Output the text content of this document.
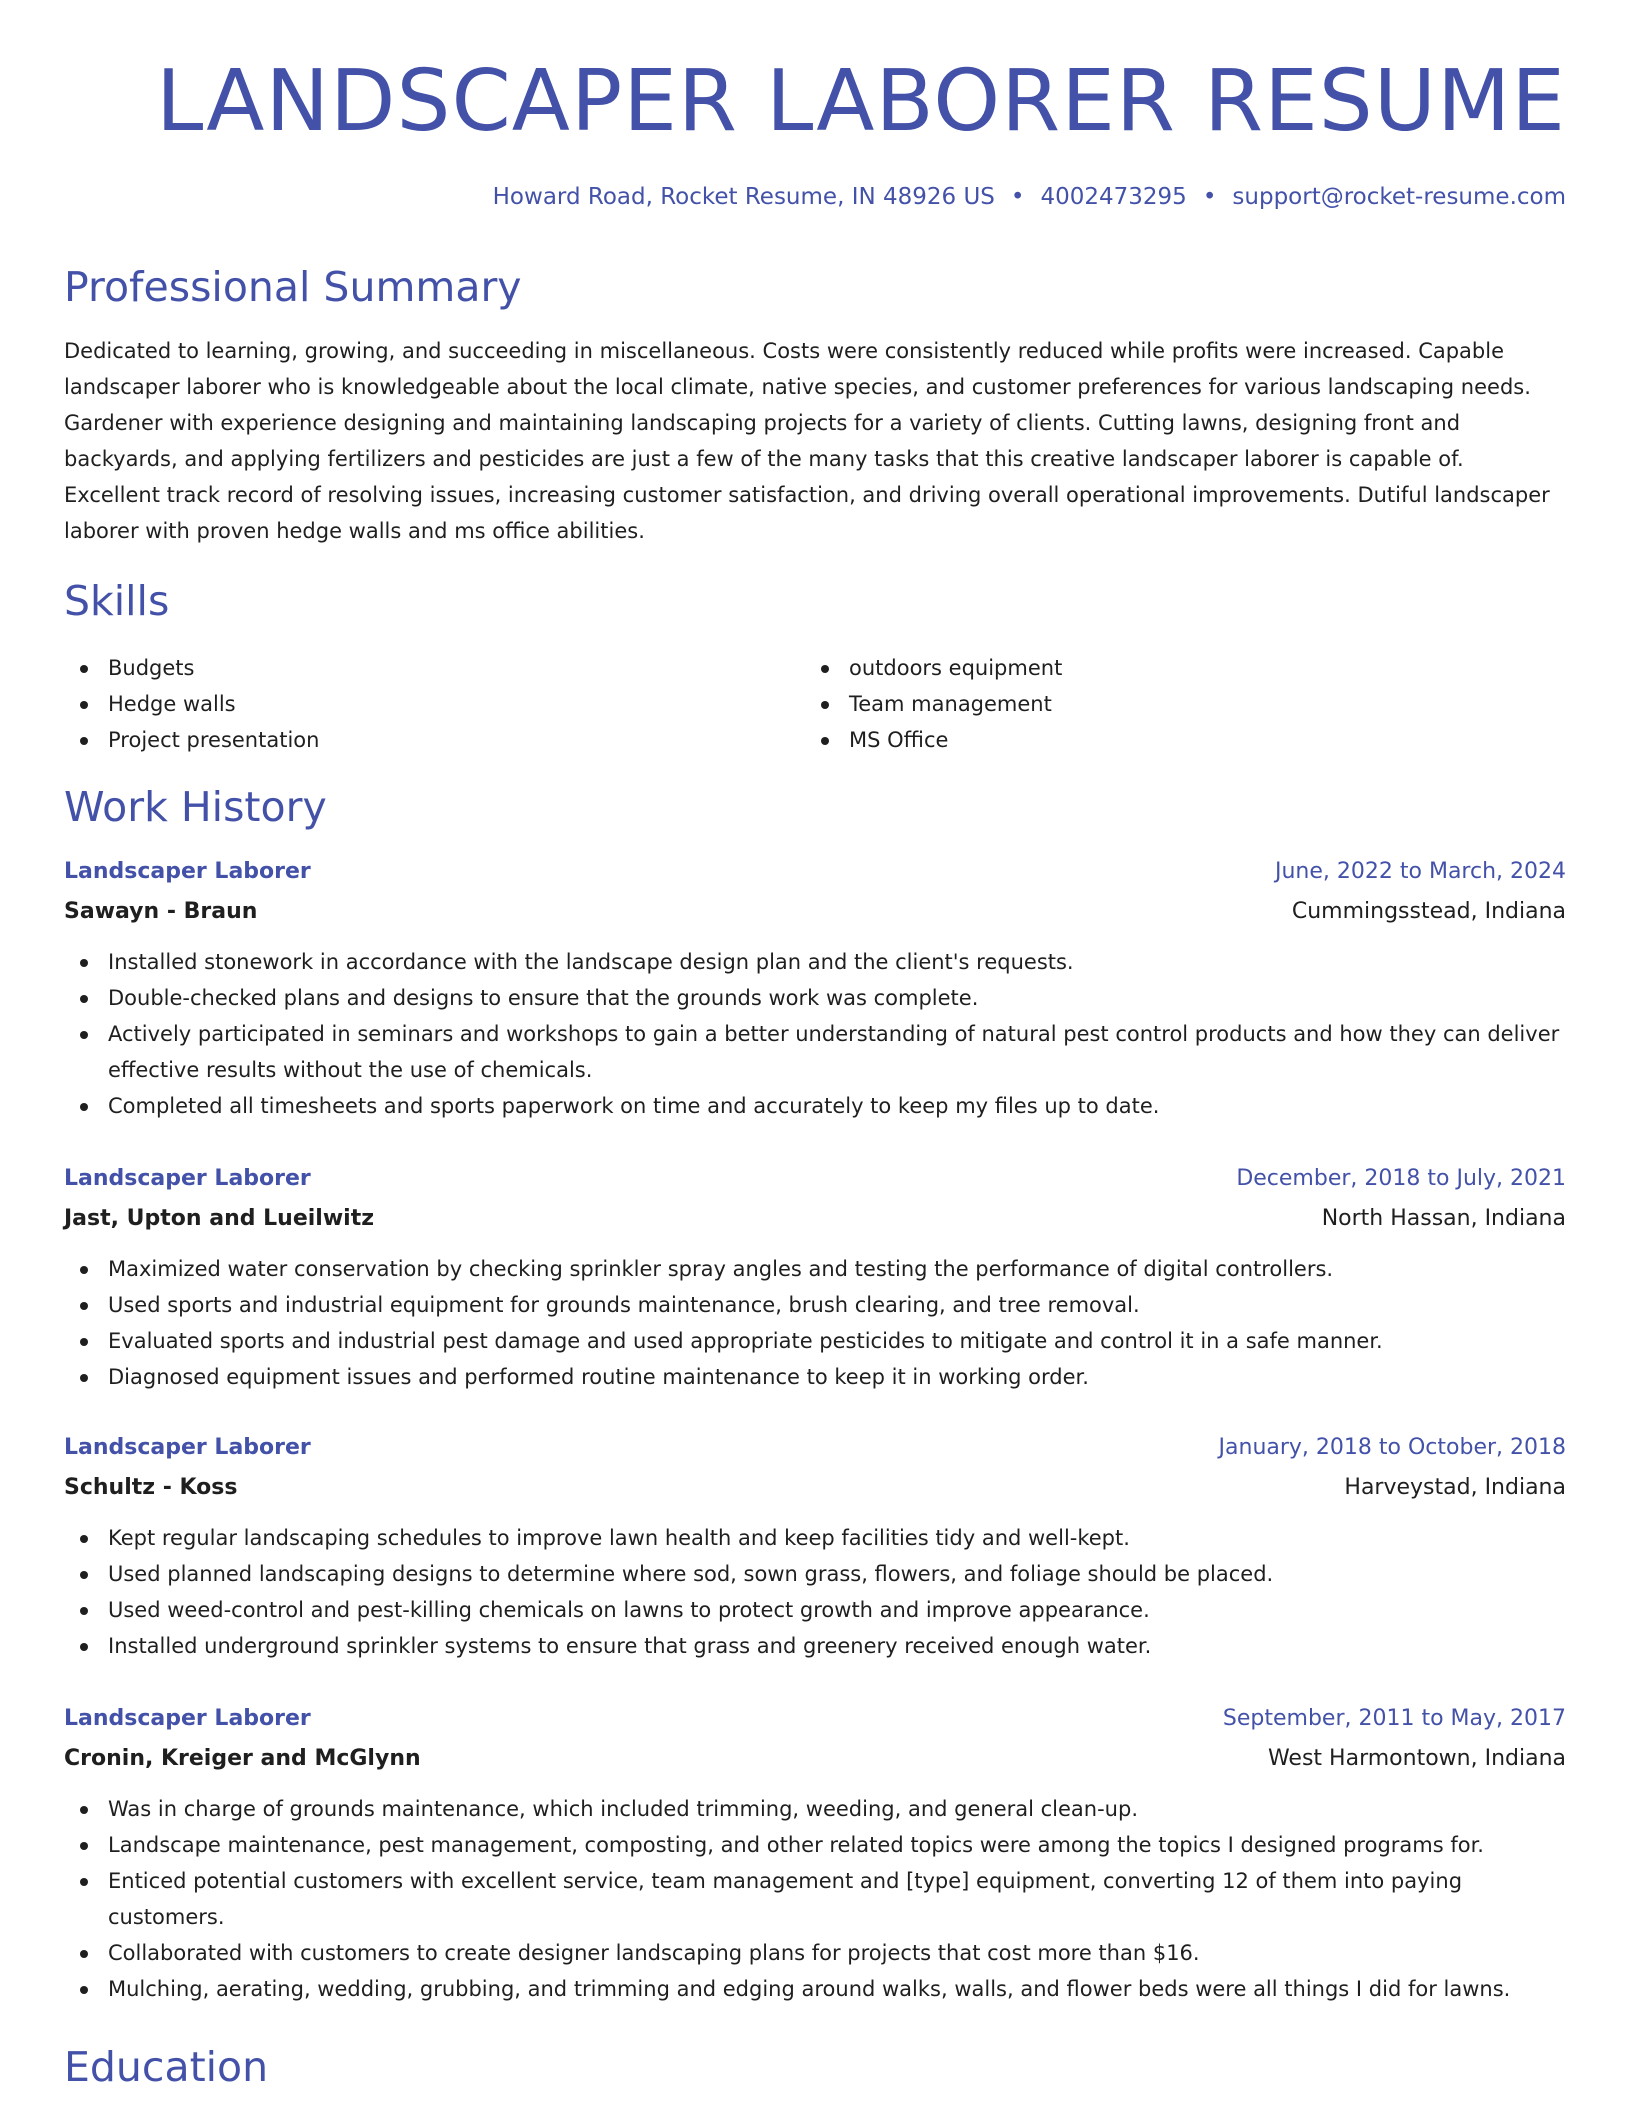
LANDSCAPER LABORER RESUME
Howard Road, Rocket Resume, IN 48926 US • 4002473295 • support@rocket-resume.com
Professional Summary

Dedicated to learning, growing, and succeeding in miscellaneous. Costs were consistently reduced while profits were increased. Capable landscaper laborer who is knowledgeable about the local climate, native species, and customer preferences for various landscaping needs. Gardener with experience designing and maintaining landscaping projects for a variety of clients. Cutting lawns, designing front and backyards, and applying fertilizers and pesticides are just a few of the many tasks that this creative landscaper laborer is capable of. Excellent track record of resolving issues, increasing customer satisfaction, and driving overall operational improvements. Dutiful landscaper laborer with proven hedge walls and ms office abilities.

Skills
Budgets
Hedge walls
Project presentation
outdoors equipment
Team management
MS Office
Work History
Landscaper Laborer	June, 2022 to March, 2024
Sawayn - Braun	Cummingsstead, Indiana
Installed stonework in accordance with the landscape design plan and the client's requests.
Double-checked plans and designs to ensure that the grounds work was complete.
Actively participated in seminars and workshops to gain a better understanding of natural pest control products and how they can deliver effective results without the use of chemicals.
Completed all timesheets and sports paperwork on time and accurately to keep my files up to date.
Landscaper Laborer	December, 2018 to July, 2021
Jast, Upton and Lueilwitz	North Hassan, Indiana
Maximized water conservation by checking sprinkler spray angles and testing the performance of digital controllers.
Used sports and industrial equipment for grounds maintenance, brush clearing, and tree removal.
Evaluated sports and industrial pest damage and used appropriate pesticides to mitigate and control it in a safe manner.
Diagnosed equipment issues and performed routine maintenance to keep it in working order.
Landscaper Laborer	January, 2018 to October, 2018
Schultz - Koss	Harveystad, Indiana
Kept regular landscaping schedules to improve lawn health and keep facilities tidy and well-kept.
Used planned landscaping designs to determine where sod, sown grass, flowers, and foliage should be placed.
Used weed-control and pest-killing chemicals on lawns to protect growth and improve appearance.
Installed underground sprinkler systems to ensure that grass and greenery received enough water.
Landscaper Laborer	September, 2011 to May, 2017
Cronin, Kreiger and McGlynn	West Harmontown, Indiana
Was in charge of grounds maintenance, which included trimming, weeding, and general clean-up.
Landscape maintenance, pest management, composting, and other related topics were among the topics I designed programs for.
Enticed potential customers with excellent service, team management and [type] equipment, converting 12 of them into paying customers.
Collaborated with customers to create designer landscaping plans for projects that cost more than $16.
Mulching, aerating, wedding, grubbing, and trimming and edging around walks, walls, and flower beds were all things I did for lawns.
Education
